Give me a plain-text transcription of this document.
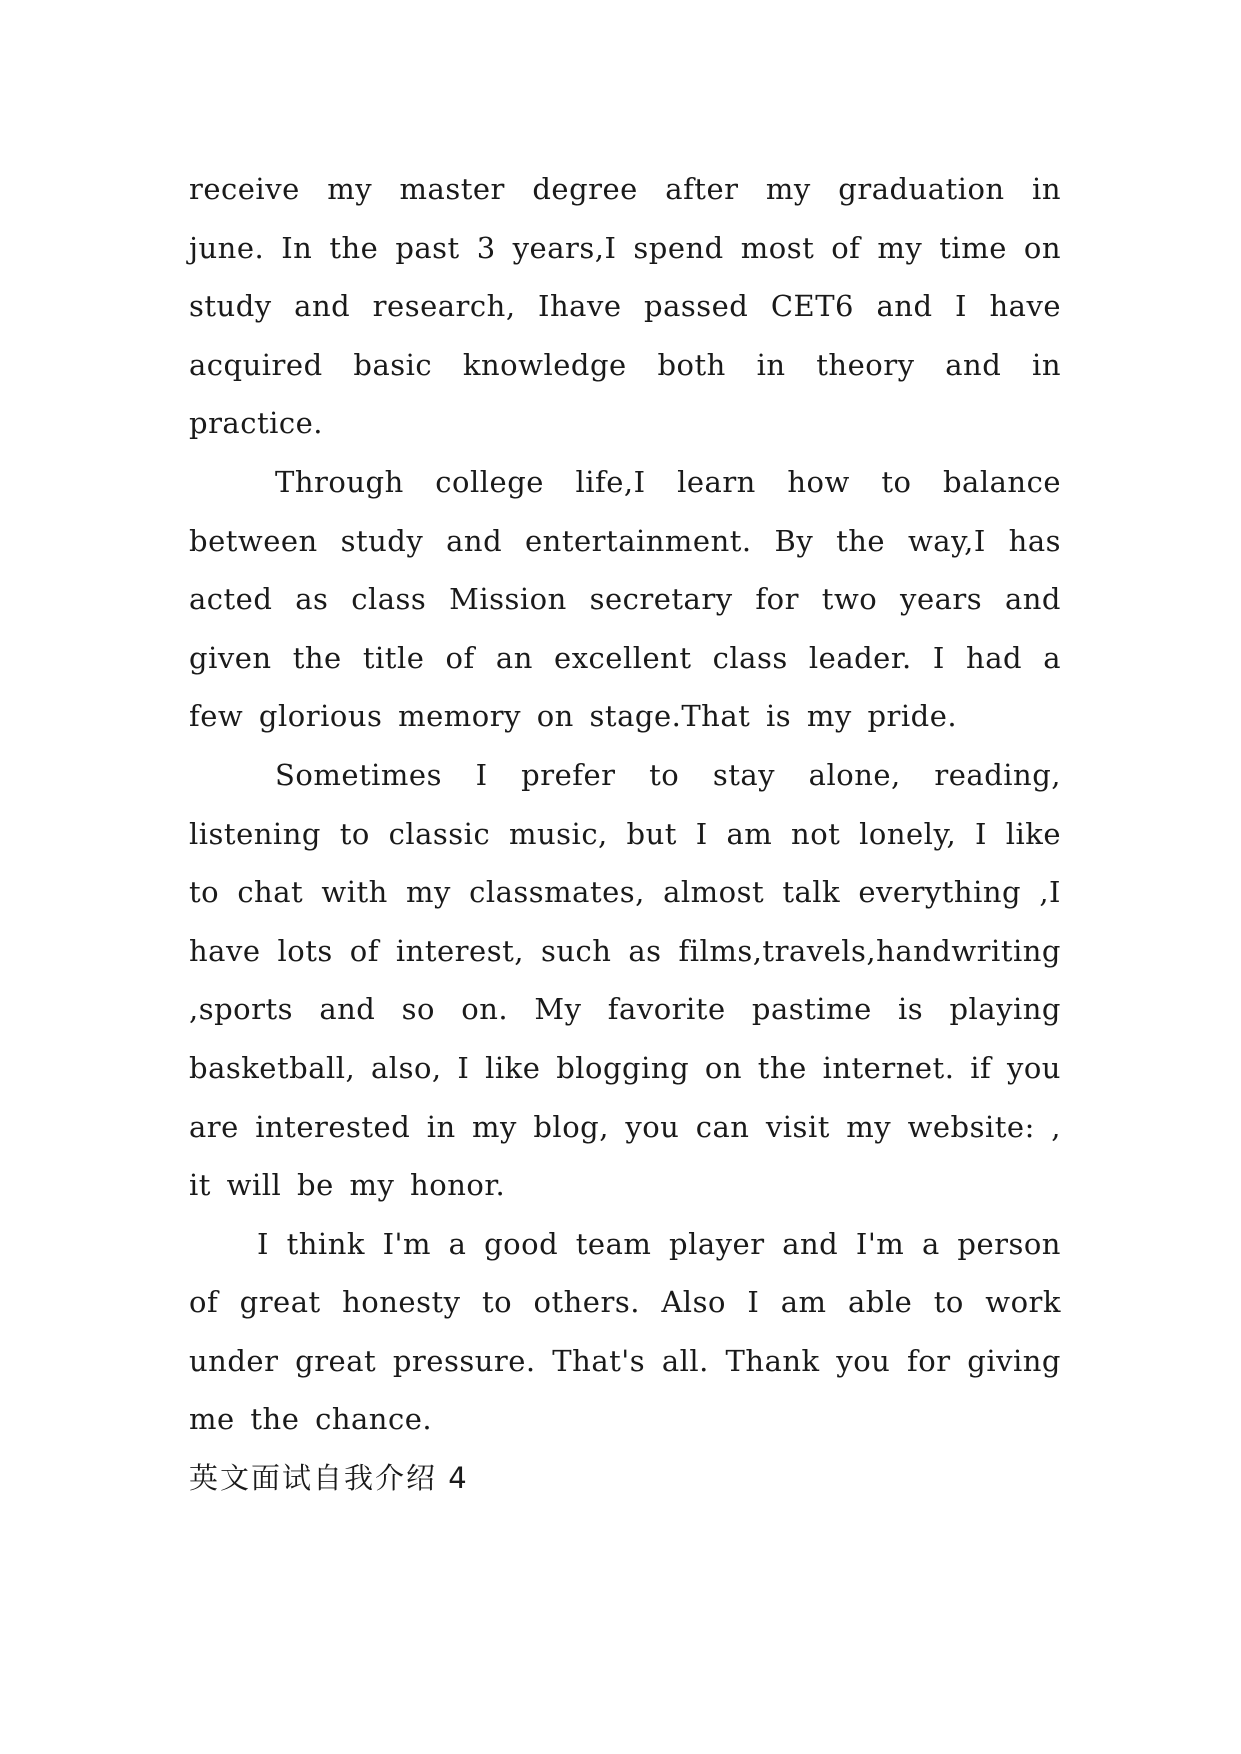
receive my master degree after my graduation in june. In the past 3 years,I spend most of my time on study and research, Ihave passed CET6 and I have acquired basic knowledge both in theory and in practice.

Through college life,I learn how to balance between study and entertainment. By the way,I has acted as class Mission secretary for two years and given the title of an excellent class leader. I had a few glorious memory on stage.That is my pride.

Sometimes I prefer to stay alone, reading, listening to classic music, but I am not lonely, I like to chat with my classmates, almost talk everything ,I have lots of interest, such as films,travels,handwriting ,sports and so on. My favorite pastime is playing basketball, also, I like blogging on the internet. if you are interested in my blog, you can visit my website: , it will be my honor.

I think I'm a good team player and I'm a person of great honesty to others. Also I am able to work under great pressure. That's all. Thank you for giving me the chance.

英文面试自我介绍 4
